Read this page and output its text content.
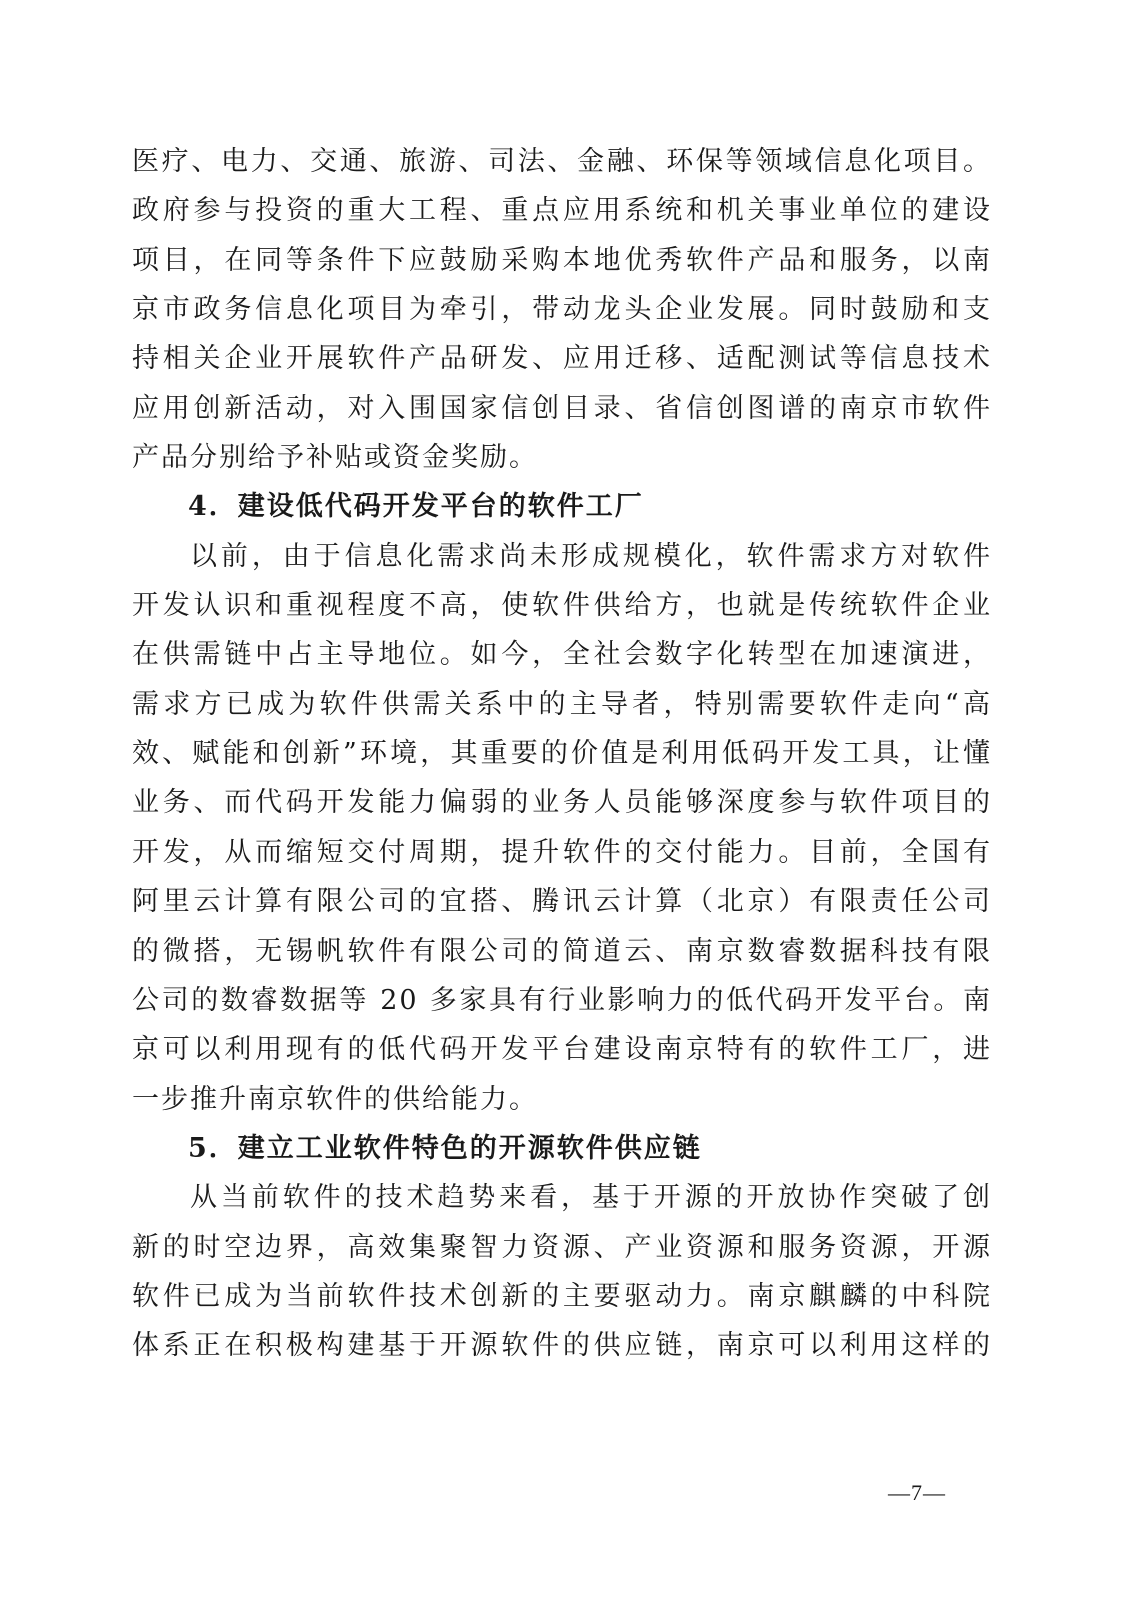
医疗、电力、交通、旅游、司法、金融、环保等领域信息化项目。
政府参与投资的重大工程、重点应用系统和机关事业单位的建设
项目，在同等条件下应鼓励采购本地优秀软件产品和服务，以南
京市政务信息化项目为牵引，带动龙头企业发展。同时鼓励和支
持相关企业开展软件产品研发、应用迁移、适配测试等信息技术
应用创新活动，对入围国家信创目录、省信创图谱的南京市软件
产品分别给予补贴或资金奖励。
4．建设低代码开发平台的软件工厂
以前，由于信息化需求尚未形成规模化，软件需求方对软件
开发认识和重视程度不高，使软件供给方，也就是传统软件企业
在供需链中占主导地位。如今，全社会数字化转型在加速演进，
需求方已成为软件供需关系中的主导者，特别需要软件走向“高
效、赋能和创新”环境，其重要的价值是利用低码开发工具，让懂
业务、而代码开发能力偏弱的业务人员能够深度参与软件项目的
开发，从而缩短交付周期，提升软件的交付能力。目前，全国有
阿里云计算有限公司的宜搭、腾讯云计算（北京）有限责任公司
的微搭，无锡帆软件有限公司的简道云、南京数睿数据科技有限
公司的数睿数据等 20 多家具有行业影响力的低代码开发平台。南
京可以利用现有的低代码开发平台建设南京特有的软件工厂，进
一步推升南京软件的供给能力。
5．建立工业软件特色的开源软件供应链
从当前软件的技术趋势来看，基于开源的开放协作突破了创
新的时空边界，高效集聚智力资源、产业资源和服务资源，开源
软件已成为当前软件技术创新的主要驱动力。南京麒麟的中科院
体系正在积极构建基于开源软件的供应链，南京可以利用这样的
—7—
